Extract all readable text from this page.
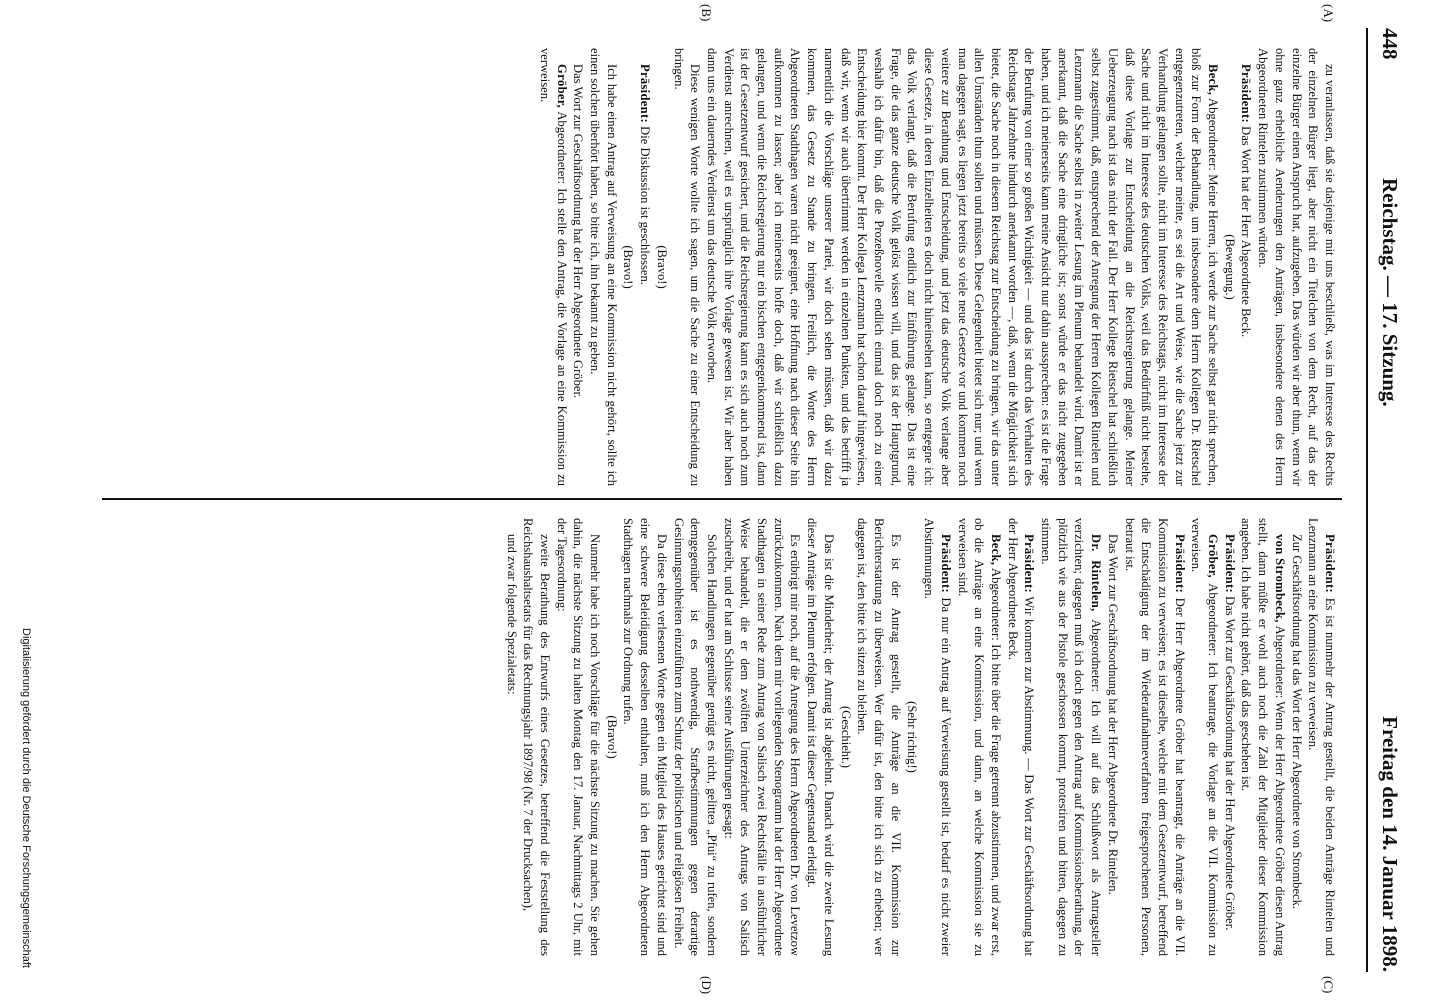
448
Reichstag. — 17. Sitzung.
Freitag den 14. Januar 1898.
(A)
(B)
(C)
(D)

zu veranlassen, daß sie dasjenige mit uns beschließt, was im Interesse des Rechts der einzelnen Bürger liegt, aber nicht ein Titelchen von dem Recht, auf das der einzelne Bürger einen Anspruch hat, aufzugeben. Das würden wir aber thun, wenn wir ohne ganz erhebliche Aenderungen den Anträgen, insbesondere denen des Herrn Abgeordneten Rintelen zustimmen würden.

Präsident: Das Wort hat der Herr Abgeordnete Beck.

(Bewegung.)

Beck, Abgeordneter: Meine Herren, ich werde zur Sache selbst gar nicht sprechen, bloß zur Form der Behandlung, um insbesondere dem Herrn Kollegen Dr. Rietschel entgegenzutreten, welcher meinte, es sei die Art und Weise, wie die Sache jetzt zur Verhandlung gelangen sollte, nicht im Interesse des Reichstags, nicht im Interesse der Sache und nicht im Interesse des deutschen Volks, weil das Bedürfniß nicht bestehe, daß diese Vorlage zur Entscheidung an die Reichsregierung gelange. Meiner Ueberzeugung nach ist das nicht der Fall. Der Herr Kollege Rietschel hat schließlich selbst zugestimmt, daß, entsprechend der Anregung der Herren Kollegen Rintelen und Lenzmann die Sache selbst in zweiter Lesung im Plenum behandelt wird. Damit ist er anerkannt, daß die Sache eine dringliche ist; sonst würde er das nicht zugegeben haben, und ich meinerseits kann meine Ansicht nur dahin aussprechen: es ist die Frage der Berufung von einer so großen Wichtigkeit — und das ist durch das Verhalten des Reichstags Jahrzehnte hindurch anerkannt worden —, daß, wenn die Möglichkeit sich bietet, die Sache noch in diesem Reichstag zur Entscheidung zu bringen, wir das unter allen Umständen thun sollen und müssen. Diese Gelegenheit bietet sich nur; und wenn man dagegen sagt, es liegen jetzt bereits so viele neue Gesetze vor und kommen noch weitere zur Berathung und Entscheidung, und jetzt das deutsche Volk verlange aber diese Gesetze, in deren Einzelheiten es doch nicht hineinsehen kann, so entgegne ich: das Volk verlangt, daß die Berufung endlich zur Einführung gelange. Das ist eine Frage, die das ganze deutsche Volk gelöst wissen will, und das ist der Hauptgrund, weshalb ich dafür bin, daß die Prozeßnovelle endlich einmal doch noch zu einer Entscheidung hier kommt. Der Herr Kollega Lenzmann hat schon darauf hingewiesen, daß wir, wenn wir auch übertrimmt werden in einzelnen Punkten, und das betrifft ja namentlich die Vorschläge unserer Partei, wir doch sehen müssen, daß wir dazu kommen, das Gesetz zu Stande zu bringen. Freilich, die Worte des Herrn Abgeordneten Stadthagen waren nicht geeignet, eine Hoffnung nach dieser Seite hin aufkommen zu lassen; aber ich meinerseits hoffe doch, daß wir schließlich dazu gelangen, und wenn die Reichsregierung nur ein bischen entgegenkommend ist, dann ist der Gesetzentwurf gesichert, und die Reichsregierung kann es sich auch noch zum Verdienst anrechnen, weil es ursprünglich ihre Vorlage gewesen ist. Wir aber haben dann uns ein dauerndes Verdienst um das deutsche Volk erworben.

Diese wenigen Worte wollte ich sagen, um die Sache zu einer Entscheidung zu bringen.

(Bravo!)

Präsident: Die Diskussion ist geschlossen.

(Bravo!)

Ich habe einen Antrag auf Verweisung an eine Kommission nicht gehört, sollte ich einen solchen überhört haben, so bitte ich, ihn bekannt zu geben.

Das Wort zur Geschäftsordnung hat der Herr Abgeordnete Gröber.

Gröber, Abgeordneter: Ich stelle den Antrag, die Vorlage an eine Kommission zu verweisen.

Präsident: Es ist nunmehr der Antrag gestellt, die beiden Anträge Rintelen und Lenzmann an eine Kommission zu verweisen.

Zur Geschäftsordnung hat das Wort der Herr Abgeordnete von Strombeck.

von Strombeck, Abgeordneter: Wenn der Herr Abgeordnete Gröber diesen Antrag stellt, dann müßte er wohl auch noch die Zahl der Mitglieder dieser Kommission angeben. Ich habe nicht gehört, daß das geschehen ist.

Präsident: Das Wort zur Geschäftsordnung hat der Herr Abgeordnete Gröber.

Gröber, Abgeordneter: Ich beantrage, die Vorlage an die VII. Kommission zu verweisen.

Präsident: Der Herr Abgeordnete Gröber hat beantragt, die Anträge an die VII. Kommission zu verweisen; es ist dieselbe, welche mit dem Gesetzentwurf, betreffend die Entschädigung der im Wiederaufnahmeverfahren freigesprochenen Personen, betraut ist.

Das Wort zur Geschäftsordnung hat der Herr Abgeordnete Dr. Rintelen.

Dr. Rintelen, Abgeordneter: Ich will auf das Schlußwort als Antragsteller verzichten; dagegen muß ich doch gegen den Antrag auf Kommissionsberathung, der plötzlich wie aus der Pistole geschossen kommt, protestiren und bitten, dagegen zu stimmen.

Präsident: Wir kommen zur Abstimmung. — Das Wort zur Geschäftsordnung hat der Herr Abgeordnete Beck.

Beck, Abgeordneter: Ich bitte über die Frage getrennt abzustimmen, und zwar erst, ob die Anträge an eine Kommission, und dann, an welche Kommission sie zu verweisen sind.

Präsident: Da nur ein Antrag auf Verweisung gestellt ist, bedarf es nicht zweier Abstimmungen.

(Sehr richtig!)

Es ist der Antrag gestellt, die Anträge an die VII. Kommission zur Berichterstattung zu überweisen. Wer dafür ist, den bitte ich sich zu erheben; wer dagegen ist, den bitte ich sitzen zu bleiben.

(Geschieht.)

Das ist die Minderheit; der Antrag ist abgelehnt. Danach wird die zweite Lesung dieser Anträge im Plenum erfolgen. Damit ist dieser Gegenstand erledigt.

Es erübrigt mir noch, auf die Anregung des Herrn Abgeordneten Dr. von Levetzow zurückzukommen. Nach dem mir vorliegenden Stenogramm hat der Herr Abgeordnete Stadthagen in seiner Rede zum Antrag von Salisch zwei Rechtsfälle in ausführlicher Weise behandelt, die er dem zwölften Unterzeichner des Antrags von Salisch zuschreibt, und er hat am Schlusse seiner Ausführungen gesagt:

Solchen Handlungen gegenüber genügt es nicht, gelitteз „Pfui“ zu rufen, sondern demgegenüber ist es nothwendig, Strafbestimmungen gegen derartige Gesinnungsrohheiten einzuführen zum Schutz der politischen und religiösen Freiheit.

Da diese eben verlesenen Worte gegen ein Mitglied des Hauses gerichtet sind und eine schwere Beleidigung desselben enthalten, muß ich den Herrn Abgeordneten Stadthagen nachmals zur Ordnung rufen.

(Bravo!)

Nunmehr habe ich noch Vorschläge für die nächste Sitzung zu machen. Sie gehen dahin, die nächste Sitzung zu halten Montag den 17. Januar, Nachmittags 2 Uhr, mit der Tagesordnung:

zweite Berathung des Entwurfs eines Gesetzes, betreffend die Feststellung des Reichshaushaltsetats für das Rechnungsjahr 1897/98 (Nr. 7 der Drucksachen),

und zwar folgende Spezialetats:

Digitalisierung gefördert durch die Deutsche Forschungsgemeinschaft
